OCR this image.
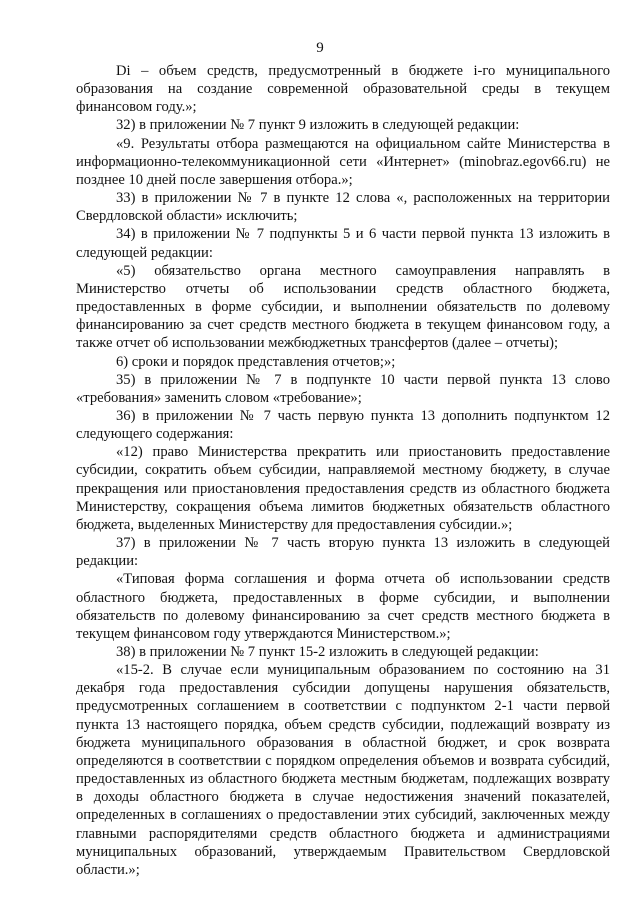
9

Di – объем средств, предусмотренный в бюджете i-го муниципального образования на создание современной образовательной среды в текущем финансовом году.»;

32) в приложении № 7 пункт 9 изложить в следующей редакции:

«9. Результаты отбора размещаются на официальном сайте Министерства в информационно-телекоммуникационной сети «Интернет» (minobraz.egov66.ru) не позднее 10 дней после завершения отбора.»;

33) в приложении № 7 в пункте 12 слова «, расположенных на территории Свердловской области» исключить;

34) в приложении № 7 подпункты 5 и 6 части первой пункта 13 изложить в следующей редакции:

«5) обязательство органа местного самоуправления направлять в Министерство отчеты об использовании средств областного бюджета, предоставленных в форме субсидии, и выполнении обязательств по долевому финансированию за счет средств местного бюджета в текущем финансовом году, а также отчет об использовании межбюджетных трансфертов (далее – отчеты);

6) сроки и порядок представления отчетов;»;

35) в приложении № 7 в подпункте 10 части первой пункта 13 слово «требования» заменить словом «требование»;

36) в приложении № 7 часть первую пункта 13 дополнить подпунктом 12 следующего содержания:

«12) право Министерства прекратить или приостановить предоставление субсидии, сократить объем субсидии, направляемой местному бюджету, в случае прекращения или приостановления предоставления средств из областного бюджета Министерству, сокращения объема лимитов бюджетных обязательств областного бюджета, выделенных Министерству для предоставления субсидии.»;

37) в приложении № 7 часть вторую пункта 13 изложить в следующей редакции:

«Типовая форма соглашения и форма отчета об использовании средств областного бюджета, предоставленных в форме субсидии, и выполнении обязательств по долевому финансированию за счет средств местного бюджета в текущем финансовом году утверждаются Министерством.»;

38) в приложении № 7 пункт 15-2 изложить в следующей редакции:

«15-2. В случае если муниципальным образованием по состоянию на 31 декабря года предоставления субсидии допущены нарушения обязательств, предусмотренных соглашением в соответствии с подпунктом 2-1 части первой пункта 13 настоящего порядка, объем средств субсидии, подлежащий возврату из бюджета муниципального образования в областной бюджет, и срок возврата определяются в соответствии с порядком определения объемов и возврата субсидий, предоставленных из областного бюджета местным бюджетам, подлежащих возврату в доходы областного бюджета в случае недостижения значений показателей, определенных в соглашениях о предоставлении этих субсидий, заключенных между главными распорядителями средств областного бюджета и администрациями муниципальных образований, утверждаемым Правительством Свердловской области.»;
